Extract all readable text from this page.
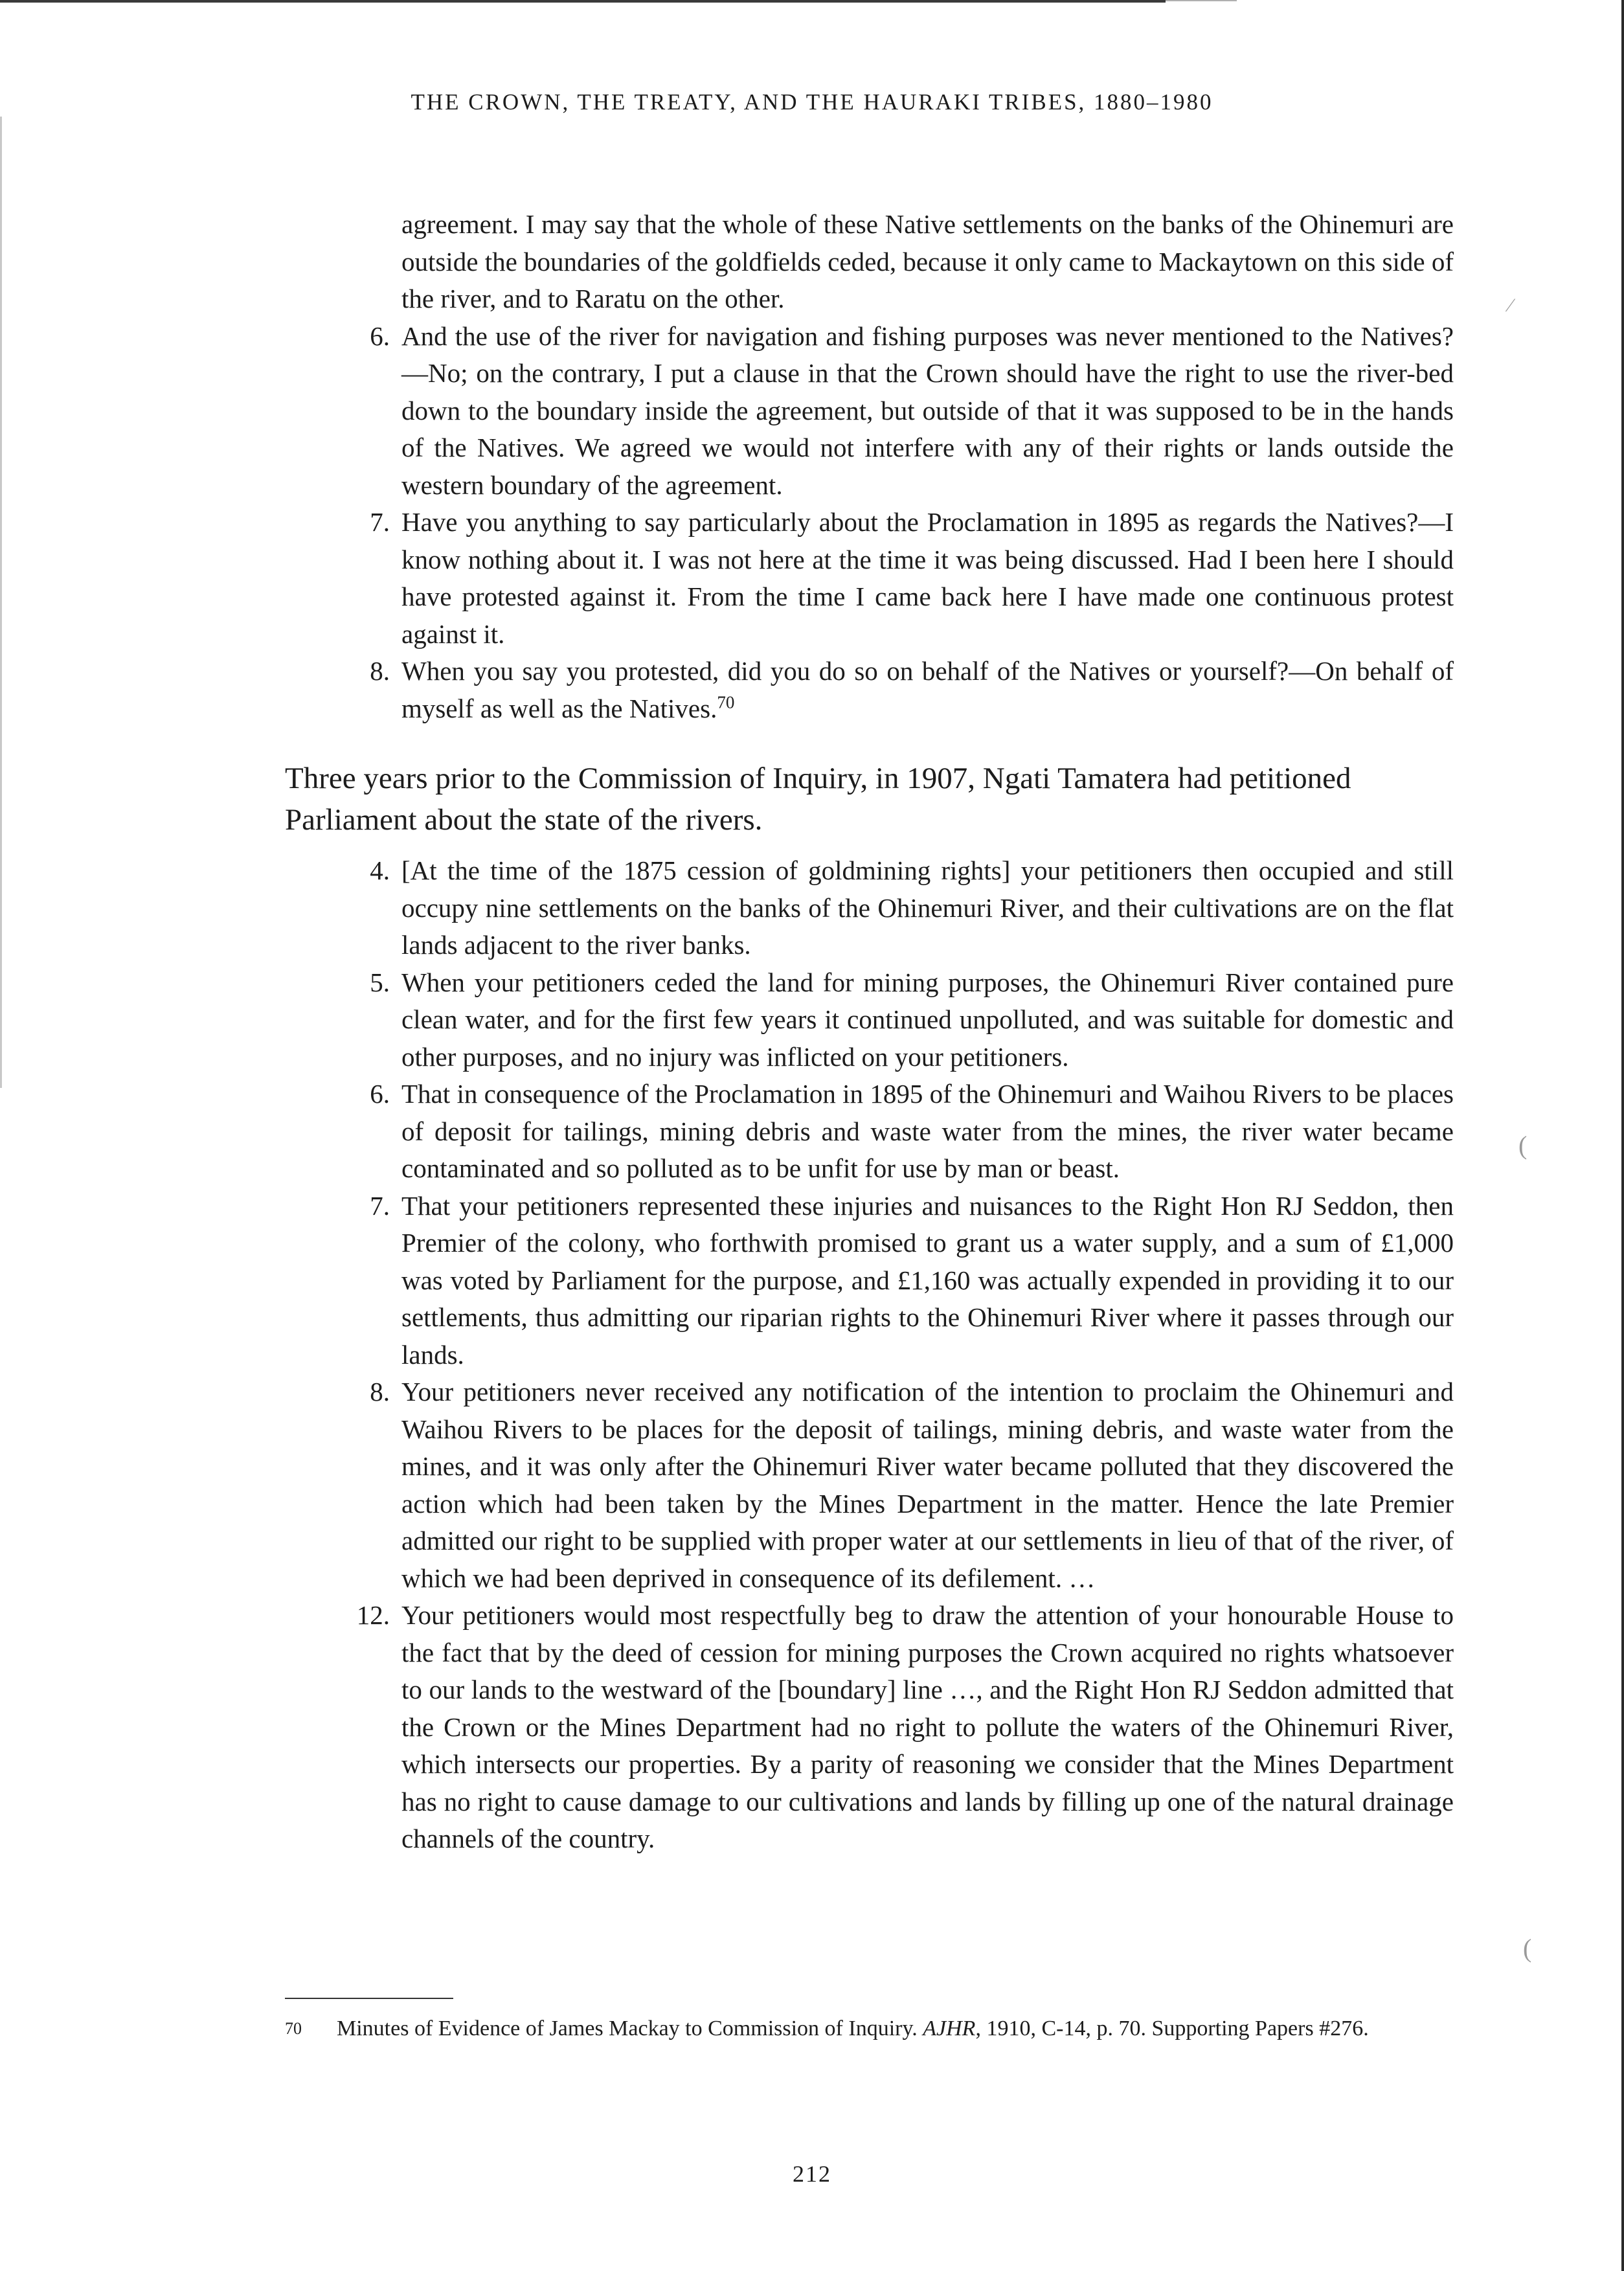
THE CROWN, THE TREATY, AND THE HAURAKI TRIBES, 1880–1980
agreement. I may say that the whole of these Native settlements on the banks of the Ohinemuri are outside the boundaries of the goldfields ceded, because it only came to Mackaytown on this side of the river, and to Raratu on the other.
6. And the use of the river for navigation and fishing purposes was never mentioned to the Natives?—No; on the contrary, I put a clause in that the Crown should have the right to use the river-bed down to the boundary inside the agreement, but outside of that it was supposed to be in the hands of the Natives. We agreed we would not interfere with any of their rights or lands outside the western boundary of the agreement.
7. Have you anything to say particularly about the Proclamation in 1895 as regards the Natives?—I know nothing about it. I was not here at the time it was being discussed. Had I been here I should have protested against it. From the time I came back here I have made one continuous protest against it.
8. When you say you protested, did you do so on behalf of the Natives or yourself?—On behalf of myself as well as the Natives.$^{70}$
Three years prior to the Commission of Inquiry, in 1907, Ngati Tamatera had petitioned Parliament about the state of the rivers.
4. [At the time of the 1875 cession of goldmining rights] your petitioners then occupied and still occupy nine settlements on the banks of the Ohinemuri River, and their cultivations are on the flat lands adjacent to the river banks.
5. When your petitioners ceded the land for mining purposes, the Ohinemuri River contained pure clean water, and for the first few years it continued unpolluted, and was suitable for domestic and other purposes, and no injury was inflicted on your petitioners.
6. That in consequence of the Proclamation in 1895 of the Ohinemuri and Waihou Rivers to be places of deposit for tailings, mining debris and waste water from the mines, the river water became contaminated and so polluted as to be unfit for use by man or beast.
7. That your petitioners represented these injuries and nuisances to the Right Hon RJ Seddon, then Premier of the colony, who forthwith promised to grant us a water supply, and a sum of £1,000 was voted by Parliament for the purpose, and £1,160 was actually expended in providing it to our settlements, thus admitting our riparian rights to the Ohinemuri River where it passes through our lands.
8. Your petitioners never received any notification of the intention to proclaim the Ohinemuri and Waihou Rivers to be places for the deposit of tailings, mining debris, and waste water from the mines, and it was only after the Ohinemuri River water became polluted that they discovered the action which had been taken by the Mines Department in the matter. Hence the late Premier admitted our right to be supplied with proper water at our settlements in lieu of that of the river, of which we had been deprived in consequence of its defilement. …
12. Your petitioners would most respectfully beg to draw the attention of your honourable House to the fact that by the deed of cession for mining purposes the Crown acquired no rights whatsoever to our lands to the westward of the [boundary] line …, and the Right Hon RJ Seddon admitted that the Crown or the Mines Department had no right to pollute the waters of the Ohinemuri River, which intersects our properties. By a parity of reasoning we consider that the Mines Department has no right to cause damage to our cultivations and lands by filling up one of the natural drainage channels of the country.
70	Minutes of Evidence of James Mackay to Commission of Inquiry. AJHR, 1910, C-14, p. 70. Supporting Papers #276.
212
⁄
(
(
